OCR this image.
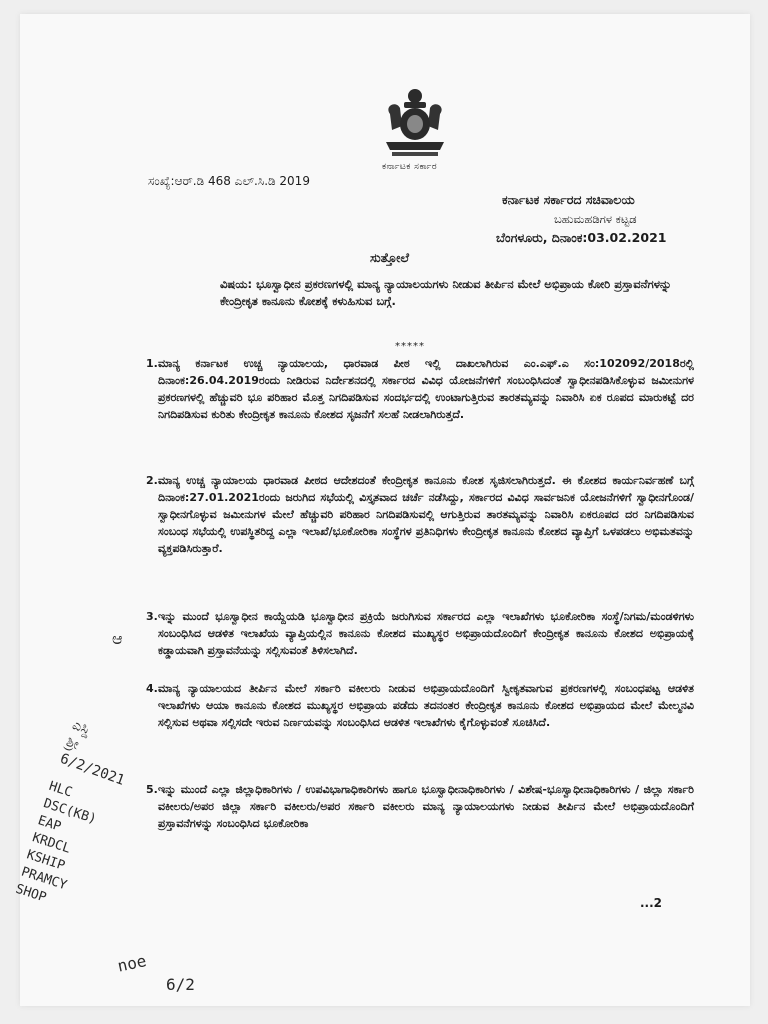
ಕರ್ನಾಟಕ ಸರ್ಕಾರ
ಸಂಖ್ಯೆ:ಆರ್.ಡಿ 468 ಎಲ್.ಸಿ.ಡಿ 2019
ಕರ್ನಾಟಕ ಸರ್ಕಾರದ ಸಚಿವಾಲಯ
ಬಹುಮಹಡಿಗಳ ಕಟ್ಟಡ
ಬೆಂಗಳೂರು, ದಿನಾಂಕ:03.02.2021
ಸುತ್ತೋಲೆ
ವಿಷಯ: ಭೂಸ್ವಾಧೀನ ಪ್ರಕರಣಗಳಲ್ಲಿ ಮಾನ್ಯ ನ್ಯಾಯಾಲಯಗಳು ನೀಡುವ ತೀರ್ಪಿನ ಮೇಲೆ ಅಭಿಪ್ರಾಯ ಕೋರಿ ಪ್ರಸ್ತಾವನೆಗಳನ್ನು ಕೇಂದ್ರೀಕೃತ ಕಾನೂನು ಕೋಶಕ್ಕೆ ಕಳುಹಿಸುವ ಬಗ್ಗೆ.
*****
1. ಮಾನ್ಯ ಕರ್ನಾಟಕ ಉಚ್ಚ ನ್ಯಾಯಾಲಯ, ಧಾರವಾಡ ಪೀಠ ಇಲ್ಲಿ ದಾಖಲಾಗಿರುವ ಎಂ.ಎಫ್.ಎ ಸಂ:102092/2018ರಲ್ಲಿ ದಿನಾಂಕ:26.04.2019ರಂದು ನೀಡಿರುವ ನಿರ್ದೇಶನದಲ್ಲಿ ಸರ್ಕಾರದ ವಿವಿಧ ಯೋಜನೆಗಳಿಗೆ ಸಂಬಂಧಿಸಿದಂತೆ ಸ್ವಾಧೀನಪಡಿಸಿಕೊಳ್ಳುವ ಜಮೀನುಗಳ ಪ್ರಕರಣಗಳಲ್ಲಿ ಹೆಚ್ಚುವರಿ ಭೂ ಪರಿಹಾರ ಮೊತ್ತ ನಿಗದಿಪಡಿಸುವ ಸಂದರ್ಭದಲ್ಲಿ ಉಂಟಾಗುತ್ತಿರುವ ತಾರತಮ್ಯವನ್ನು ನಿವಾರಿಸಿ ಏಕ ರೂಪದ ಮಾರುಕಟ್ಟೆ ದರ ನಿಗದಿಪಡಿಸುವ ಕುರಿತು ಕೇಂದ್ರೀಕೃತ ಕಾನೂನು ಕೋಶದ ಸೃಜನೆಗೆ ಸಲಹೆ ನೀಡಲಾಗಿರುತ್ತದೆ.
2. ಮಾನ್ಯ ಉಚ್ಚ ನ್ಯಾಯಾಲಯ ಧಾರವಾಡ ಪೀಠದ ಆದೇಶದಂತೆ ಕೇಂದ್ರೀಕೃತ ಕಾನೂನು ಕೋಶ ಸೃಜಿಸಲಾಗಿರುತ್ತದೆ. ಈ ಕೋಶದ ಕಾರ್ಯನಿರ್ವಹಣೆ ಬಗ್ಗೆ ದಿನಾಂಕ:27.01.2021ರಂದು ಜರುಗಿದ ಸಭೆಯಲ್ಲಿ ವಿಸ್ತೃತವಾದ ಚರ್ಚೆ ನಡೆಸಿದ್ದು, ಸರ್ಕಾರದ ವಿವಿಧ ಸಾರ್ವಜನಿಕ ಯೋಜನೆಗಳಿಗೆ ಸ್ವಾಧೀನಗೊಂಡ/ಸ್ವಾಧೀನಗೊಳ್ಳುವ ಜಮೀನುಗಳ ಮೇಲೆ ಹೆಚ್ಚುವರಿ ಪರಿಹಾರ ನಿಗದಿಪಡಿಸುವಲ್ಲಿ ಆಗುತ್ತಿರುವ ತಾರತಮ್ಯವನ್ನು ನಿವಾರಿಸಿ ಏಕರೂಪದ ದರ ನಿಗದಿಪಡಿಸುವ ಸಂಬಂಧ ಸಭೆಯಲ್ಲಿ ಉಪಸ್ಥಿತರಿದ್ದ ಎಲ್ಲಾ ಇಲಾಖೆ/ಭೂಕೋರಿಕಾ ಸಂಸ್ಥೆಗಳ ಪ್ರತಿನಿಧಿಗಳು ಕೇಂದ್ರೀಕೃತ ಕಾನೂನು ಕೋಶದ ವ್ಯಾಪ್ತಿಗೆ ಒಳಪಡಲು ಅಭಿಮತವನ್ನು ವ್ಯಕ್ತಪಡಿಸಿರುತ್ತಾರೆ.
3. ಇನ್ನು ಮುಂದೆ ಭೂಸ್ವಾಧೀನ ಕಾಯ್ದೆಯಡಿ ಭೂಸ್ವಾಧೀನ ಪ್ರಕ್ರಿಯೆ ಜರುಗಿಸುವ ಸರ್ಕಾರದ ಎಲ್ಲಾ ಇಲಾಖೆಗಳು ಭೂಕೋರಿಕಾ ಸಂಸ್ಥೆ/ನಿಗಮ/ಮಂಡಳಿಗಳು ಸಂಬಂಧಿಸಿದ ಆಡಳಿತ ಇಲಾಖೆಯ ವ್ಯಾಪ್ತಿಯಲ್ಲಿನ ಕಾನೂನು ಕೋಶದ ಮುಖ್ಯಸ್ಥರ ಅಭಿಪ್ರಾಯದೊಂದಿಗೆ ಕೇಂದ್ರೀಕೃತ ಕಾನೂನು ಕೋಶದ ಅಭಿಪ್ರಾಯಕ್ಕೆ ಕಡ್ಡಾಯವಾಗಿ ಪ್ರಸ್ತಾವನೆಯನ್ನು ಸಲ್ಲಿಸುವಂತೆ ತಿಳಿಸಲಾಗಿದೆ.
4. ಮಾನ್ಯ ನ್ಯಾಯಾಲಯದ ತೀರ್ಪಿನ ಮೇಲೆ ಸರ್ಕಾರಿ ವಕೀಲರು ನೀಡುವ ಅಭಿಪ್ರಾಯದೊಂದಿಗೆ ಸ್ವೀಕೃತವಾಗುವ ಪ್ರಕರಣಗಳಲ್ಲಿ ಸಂಬಂಧಪಟ್ಟ ಆಡಳಿತ ಇಲಾಖೆಗಳು ಆಯಾ ಕಾನೂನು ಕೋಶದ ಮುಖ್ಯಸ್ಥರ ಅಭಿಪ್ರಾಯ ಪಡೆದು ತದನಂತರ ಕೇಂದ್ರೀಕೃತ ಕಾನೂನು ಕೋಶದ ಅಭಿಪ್ರಾಯದ ಮೇಲೆ ಮೇಲ್ಮನವಿ ಸಲ್ಲಿಸುವ ಅಥವಾ ಸಲ್ಲಿಸದೇ ಇರುವ ನಿರ್ಣಯವನ್ನು ಸಂಬಂಧಿಸಿದ ಆಡಳಿತ ಇಲಾಖೆಗಳು ಕೈಗೊಳ್ಳುವಂತೆ ಸೂಚಿಸಿದೆ.
5. ಇನ್ನು ಮುಂದೆ ಎಲ್ಲಾ ಜಿಲ್ಲಾಧಿಕಾರಿಗಳು / ಉಪವಿಭಾಗಾಧಿಕಾರಿಗಳು ಹಾಗೂ ಭೂಸ್ವಾಧೀನಾಧಿಕಾರಿಗಳು / ವಿಶೇಷ-ಭೂಸ್ವಾಧೀನಾಧಿಕಾರಿಗಳು / ಜಿಲ್ಲಾ ಸರ್ಕಾರಿ ವಕೀಲರು/ಅಪರ ಜಿಲ್ಲಾ ಸರ್ಕಾರಿ ವಕೀಲರು/ಅಪರ ಸರ್ಕಾರಿ ವಕೀಲರು ಮಾನ್ಯ ನ್ಯಾಯಾಲಯಗಳು ನೀಡುವ ತೀರ್ಪಿನ ಮೇಲೆ ಅಭಿಪ್ರಾಯದೊಂದಿಗೆ ಪ್ರಸ್ತಾವನೆಗಳನ್ನು ಸಂಬಂಧಿಸಿದ ಭೂಕೋರಿಕಾ
...2
ಆ
ಎಸ್ಡಿ
ಶ್ರೀ
6/2/2021
HLC
DSC(KB)
EAP
KRDCL
KSHIP
PRAMCY
SHOP
noe
6/2
